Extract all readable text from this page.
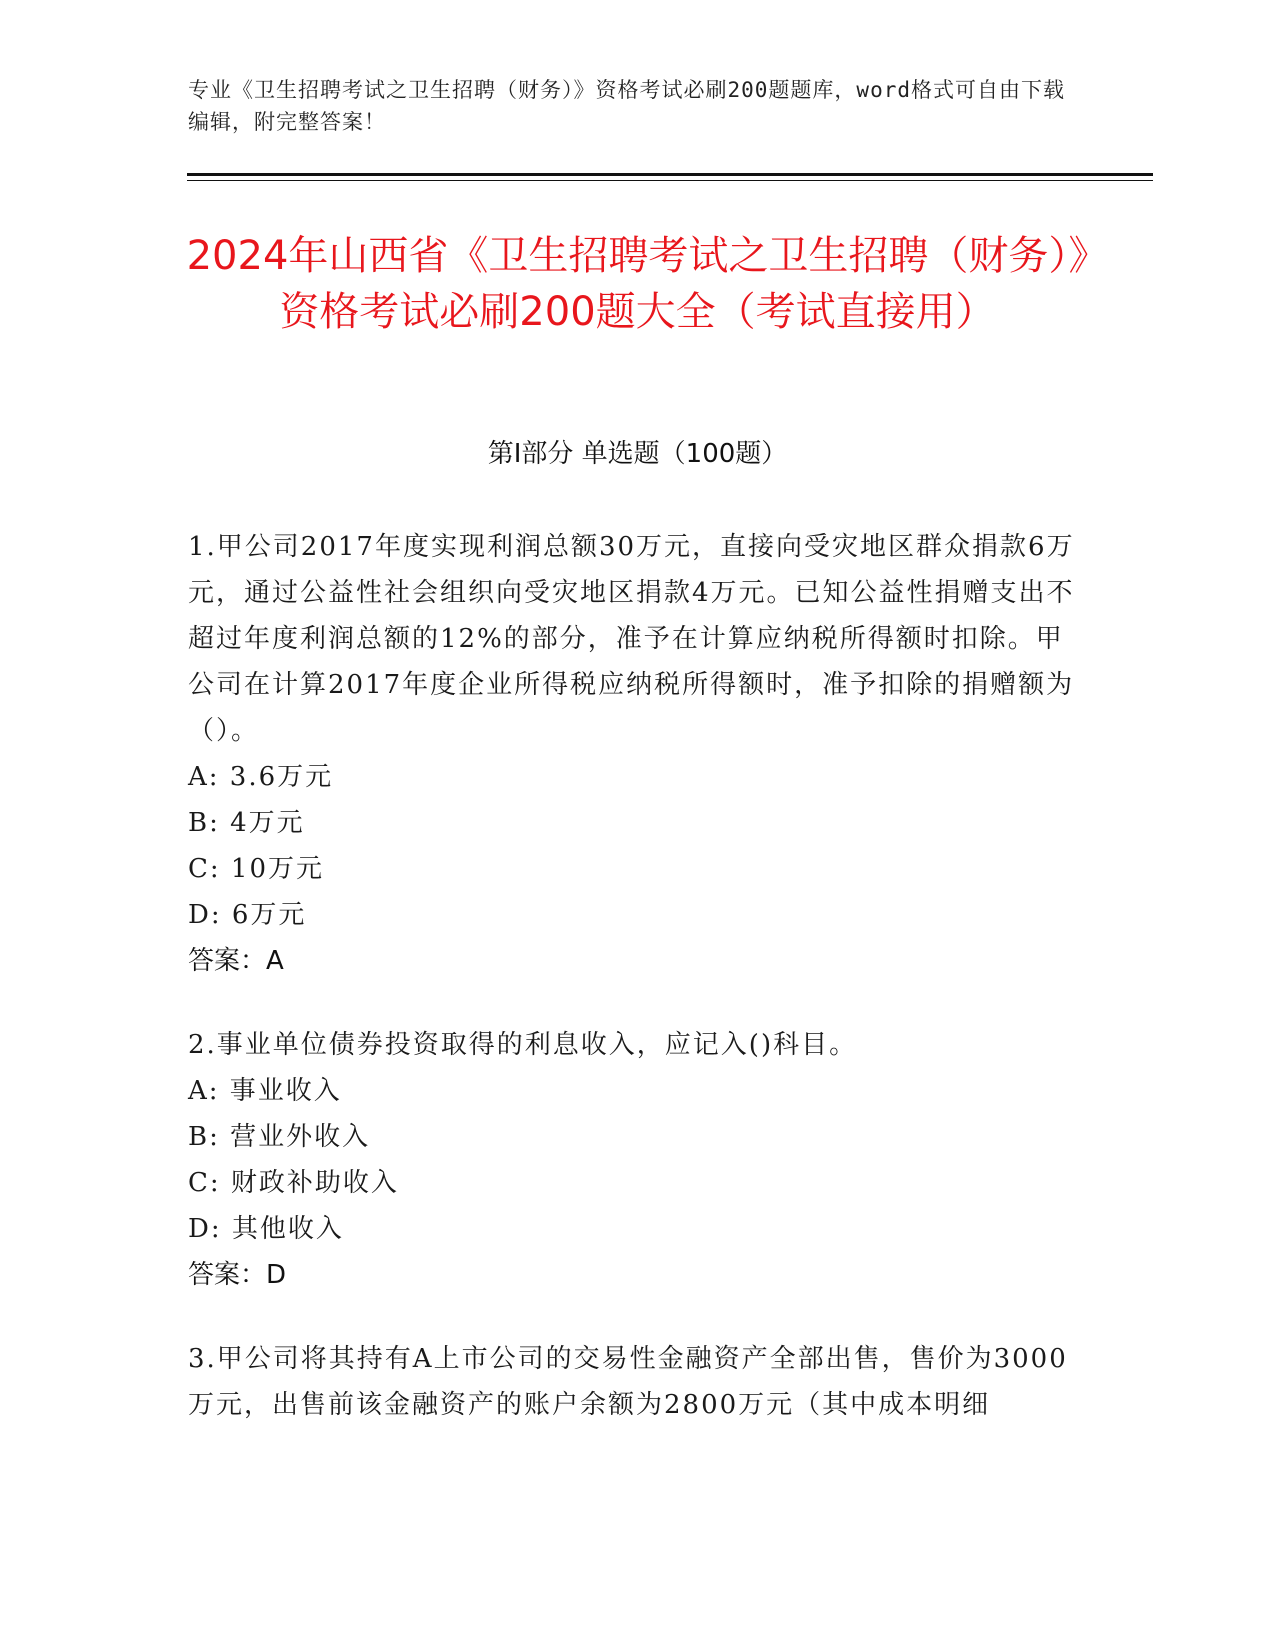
专业《卫生招聘考试之卫生招聘（财务）》资格考试必刷200题题库，word格式可自由下载编辑，附完整答案！
2024年山西省《卫生招聘考试之卫生招聘（财务）》资格考试必刷200题大全（考试直接用）
第Ⅰ部分 单选题（100题）
1.甲公司2017年度实现利润总额30万元，直接向受灾地区群众捐款6万元，通过公益性社会组织向受灾地区捐款4万元。已知公益性捐赠支出不超过年度利润总额的12%的部分，准予在计算应纳税所得额时扣除。甲公司在计算2017年度企业所得税应纳税所得额时，准予扣除的捐赠额为（）。
A: 3.6万元
B: 4万元
C: 10万元
D: 6万元
答案：A
2.事业单位债券投资取得的利息收入，应记入()科目。
A: 事业收入
B: 营业外收入
C: 财政补助收入
D: 其他收入
答案：D
3.甲公司将其持有A上市公司的交易性金融资产全部出售，售价为3000万元，出售前该金融资产的账户余额为2800万元（其中成本明细
